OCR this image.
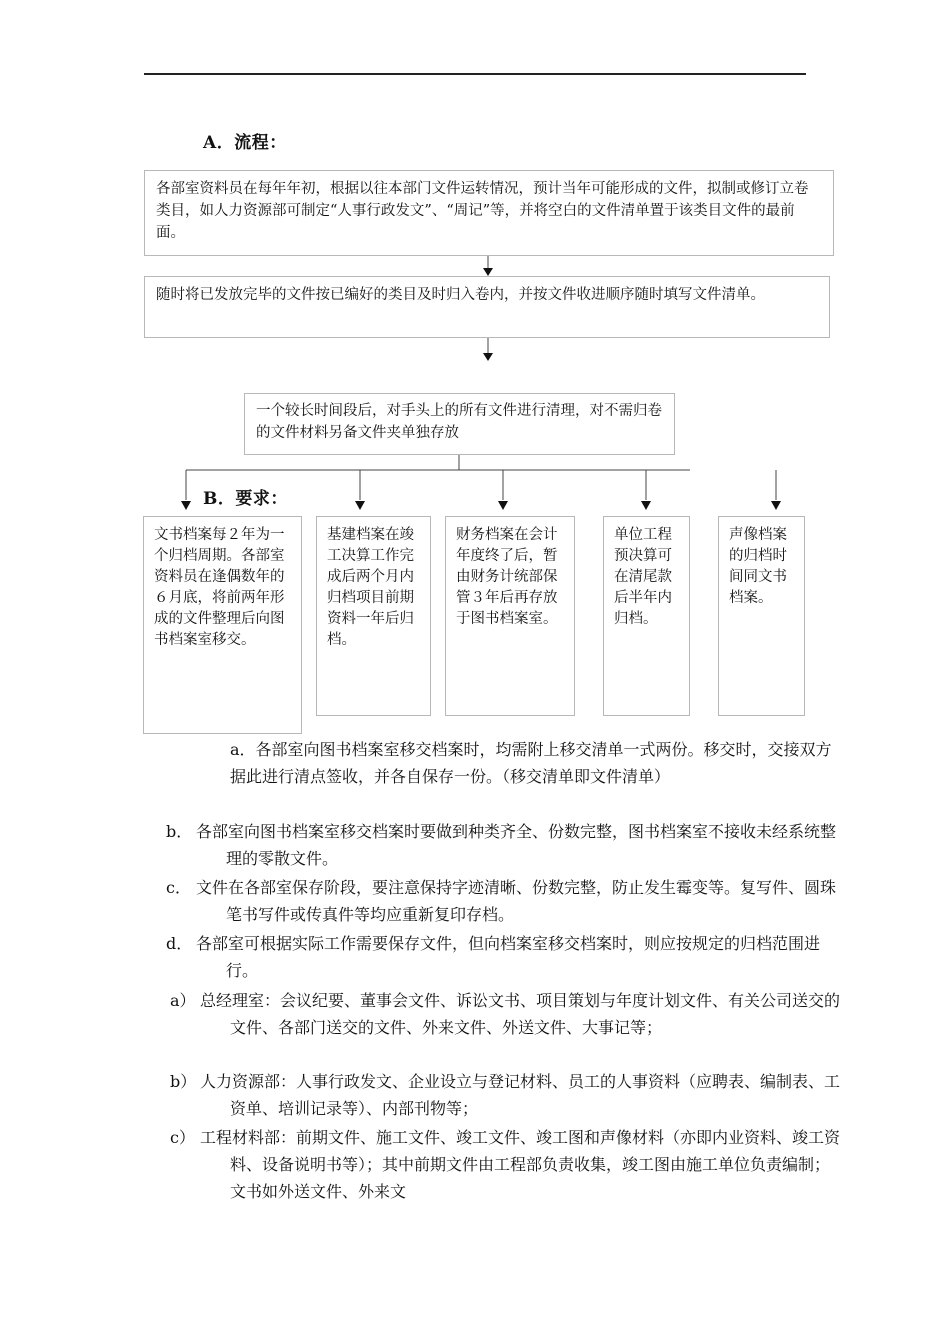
A．流程：
各部室资料员在每年年初，根据以往本部门文件运转情况，预计当年可能形成的文件，拟制或修订立卷类目，如人力资源部可制定“人事行政发文”、“周记”等，并将空白的文件清单置于该类目文件的最前面。
随时将已发放完毕的文件按已编好的类目及时归入卷内，并按文件收进顺序随时填写文件清单。
一个较长时间段后，对手头上的所有文件进行清理，对不需归卷的文件材料另备文件夹单独存放
B．要求：
文书档案每２年为一个归档周期。各部室资料员在逢偶数年的６月底，将前两年形成的文件整理后向图书档案室移交。
基建档案在竣工决算工作完成后两个月内归档项目前期资料一年后归档。
财务档案在会计年度终了后，暂由财务计统部保管３年后再存放于图书档案室。
单位工程预决算可在清尾款后半年内归档。
声像档案的归档时间同文书档案。
a．各部室向图书档案室移交档案时，均需附上移交清单一式两份。移交时，交接双方据此进行清点签收，并各自保存一份。（移交清单即文件清单）
b． 各部室向图书档案室移交档案时要做到种类齐全、份数完整，图书档案室不接收未经系统整理的零散文件。
c． 文件在各部室保存阶段，要注意保持字迹清晰、份数完整，防止发生霉变等。复写件、圆珠笔书写件或传真件等均应重新复印存档。
d． 各部室可根据实际工作需要保存文件，但向档案室移交档案时，则应按规定的归档范围进行。
a） 总经理室：会议纪要、董事会文件、诉讼文书、项目策划与年度计划文件、有关公司送交的文件、各部门送交的文件、外来文件、外送文件、大事记等；
b） 人力资源部：人事行政发文、企业设立与登记材料、员工的人事资料（应聘表、编制表、工资单、培训记录等）、内部刊物等；
c） 工程材料部：前期文件、施工文件、竣工文件、竣工图和声像材料（亦即内业资料、竣工资料、设备说明书等）；其中前期文件由工程部负责收集，竣工图由施工单位负责编制；文书如外送文件、外来文
